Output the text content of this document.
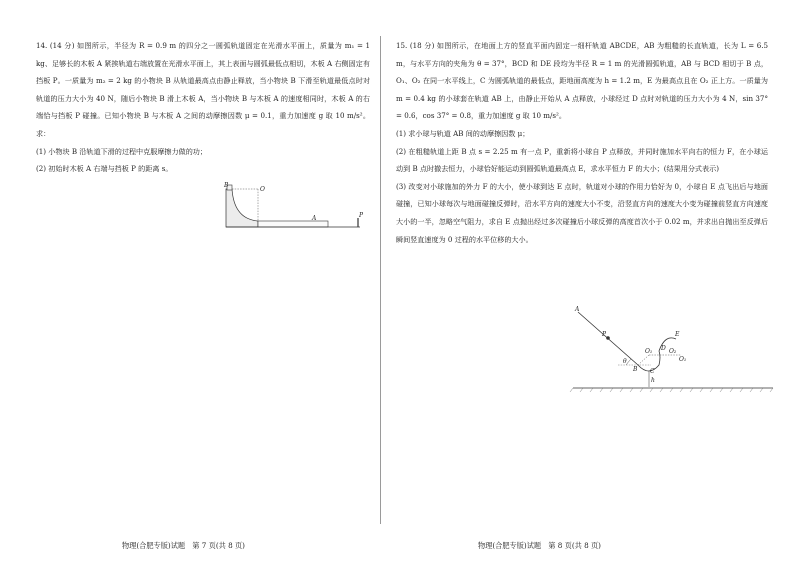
14. (14 分) 如图所示，半径为 R = 0.9 m 的四分之一圆弧轨道固定在光滑水平面上，质量为 m₁ = 1 kg、足够长的木板 A 紧挨轨道右端放置在光滑水平面上，其上表面与圆弧最低点相切，木板 A 右侧固定有挡板 P。一质量为 m₂ = 2 kg 的小物块 B 从轨道最高点由静止释放，当小物块 B 下滑至轨道最低点时对轨道的压力大小为 40 N，随后小物块 B 滑上木板 A，当小物块 B 与木板 A 的速度相同时，木板 A 的右端恰与挡板 P 碰撞。已知小物块 B 与木板 A 之间的动摩擦因数 μ = 0.1，重力加速度 g 取 10 m/s²。求：
(1) 小物块 B 沿轨道下滑的过程中克服摩擦力做的功；
(2) 初始时木板 A 右端与挡板 P 的距离 s。
B
O
A	P
物理(合肥专版)试题　第 7 页(共 8 页)
15. (18 分) 如图所示，在地面上方的竖直平面内固定一细杆轨道 ABCDE，AB 为粗糙的长直轨道，长为 L = 6.5 m，与水平方向的夹角为 θ = 37°，BCD 和 DE 段均为半径 R = 1 m 的光滑圆弧轨道，AB 与 BCD 相切于 B 点，O₁、O₂ 在同一水平线上，C 为圆弧轨道的最低点，距地面高度为 h = 1.2 m，E 为最高点且在 O₂ 正上方。一质量为 m = 0.4 kg 的小球套在轨道 AB 上，由静止开始从 A 点释放，小球经过 D 点时对轨道的压力大小为 4 N，sin 37° = 0.6，cos 37° = 0.8，重力加速度 g 取 10 m/s²。
(1) 求小球与轨道 AB 间的动摩擦因数 μ；
(2) 在粗糙轨道上距 B 点 s = 2.25 m 有一点 P，重新将小球自 P 点释放，并同时施加水平向右的恒力 F，在小球运动到 B 点时撤去恒力，小球恰好能运动到圆弧轨道最高点 E，求水平恒力 F 的大小；(结果用分式表示)
(3) 改变对小球施加的外力 F 的大小，使小球到达 E 点时，轨道对小球的作用力恰好为 0，小球自 E 点飞出后与地面碰撞，已知小球每次与地面碰撞反弹时，沿水平方向的速度大小不变，沿竖直方向的速度大小变为碰撞前竖直方向速度大小的一半，忽略空气阻力，求自 E 点抛出经过多次碰撞后小球反弹的高度首次小于 0.02 m，并求出自抛出至反弹后瞬间竖直速度为 0 过程的水平位移的大小。
A
P
θ
B C
h
O₁	O₂
D
E
O₁
物理(合肥专版)试题　第 8 页(共 8 页)
